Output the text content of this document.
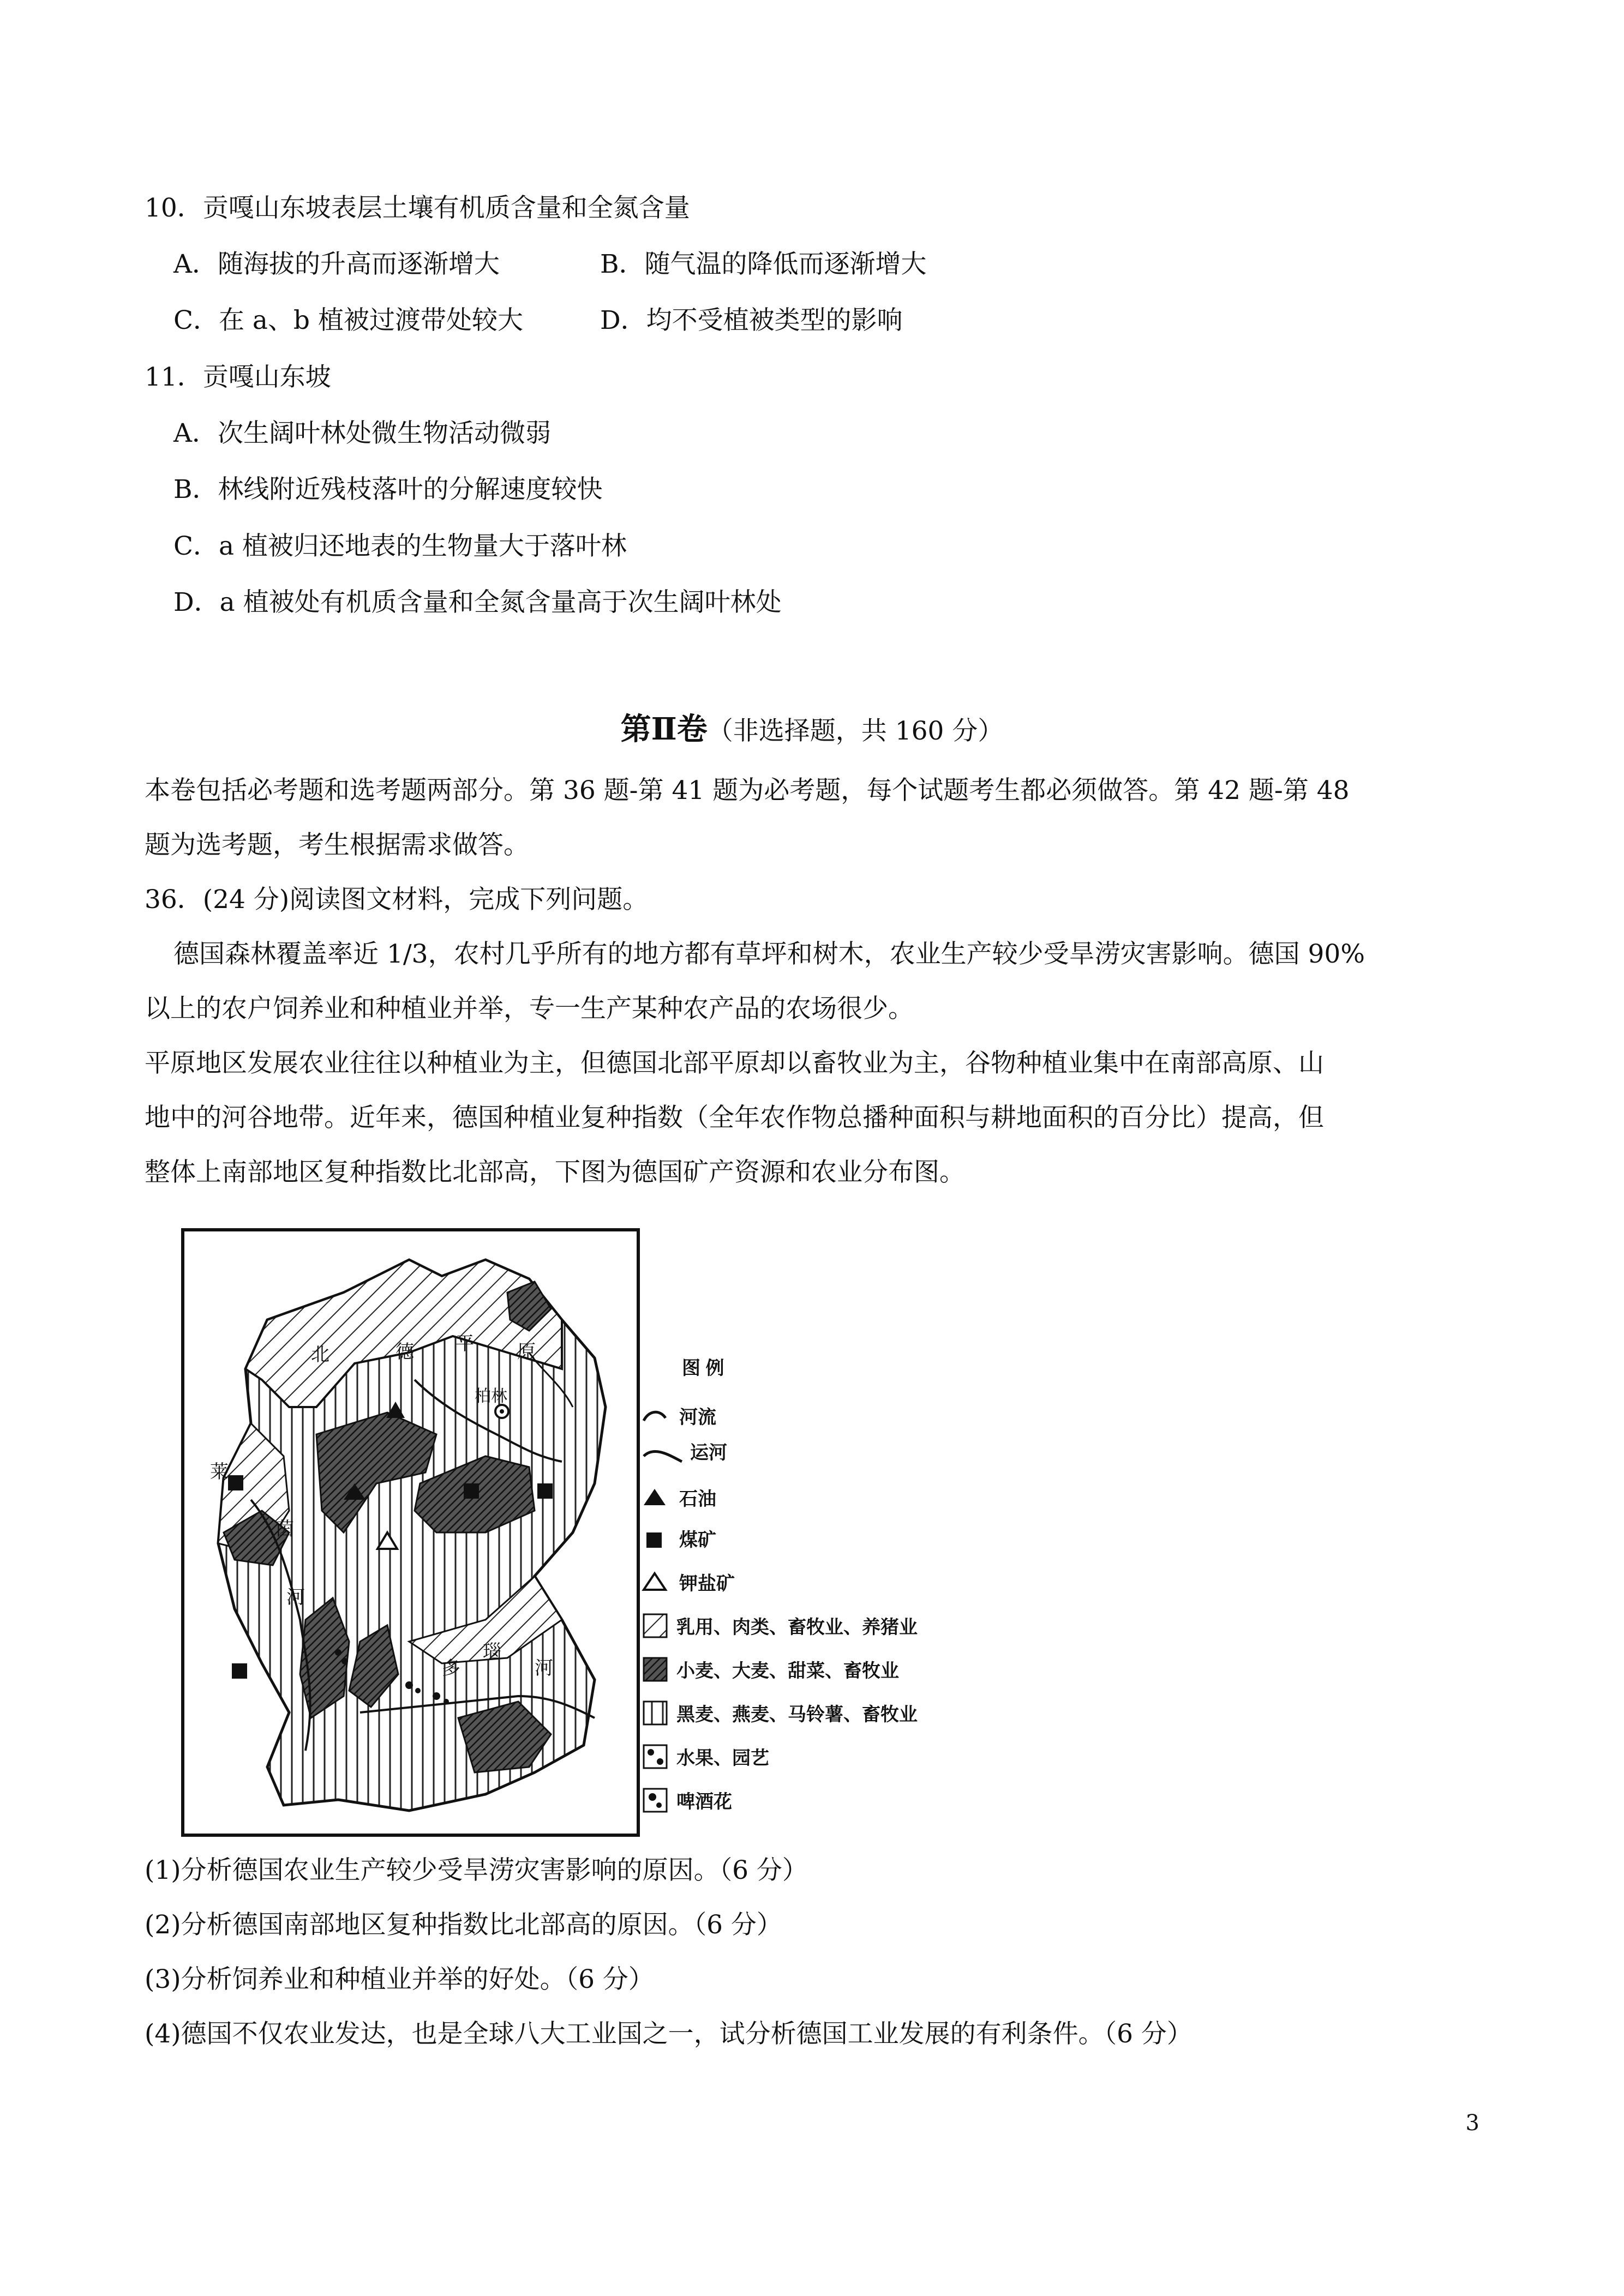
10．贡嘎山东坡表层土壤有机质含量和全氮含量
A．随海拔的升高而逐渐增大	B．随气温的降低而逐渐增大
C．在 a、b 植被过渡带处较大	D．均不受植被类型的影响
11．贡嘎山东坡
A．次生阔叶林处微生物活动微弱
B．林线附近残枝落叶的分解速度较快
C．a 植被归还地表的生物量大于落叶林
D．a 植被处有机质含量和全氮含量高于次生阔叶林处
第Ⅱ卷（非选择题，共 160 分）
本卷包括必考题和选考题两部分。第 36 题-第 41 题为必考题，每个试题考生都必须做答。第 42 题-第 48
题为选考题，考生根据需求做答。
36．(24 分)阅读图文材料，完成下列问题。
德国森林覆盖率近 1/3，农村几乎所有的地方都有草坪和树木，农业生产较少受旱涝灾害影响。德国 90%
以上的农户饲养业和种植业并举，专一生产某种农产品的农场很少。
平原地区发展农业往往以种植业为主，但德国北部平原却以畜牧业为主，谷物种植业集中在南部高原、山
地中的河谷地带。近年来，德国种植业复种指数（全年农作物总播种面积与耕地面积的百分比）提高，但
整体上南部地区复种指数比北部高，下图为德国矿产资源和农业分布图。
北	德 平 原
柏林
莱
茵
河
多
瑙
河
图 例
河流
运河
石油
煤矿
钾盐矿
乳用、肉类、畜牧业、养猪业
小麦、大麦、甜菜、畜牧业
黑麦、燕麦、马铃薯、畜牧业
水果、园艺
啤酒花
(1)分析德国农业生产较少受旱涝灾害影响的原因。（6 分）
(2)分析德国南部地区复种指数比北部高的原因。（6 分）
(3)分析饲养业和种植业并举的好处。（6 分）
(4)德国不仅农业发达，也是全球八大工业国之一，试分析德国工业发展的有利条件。（6 分）
3
